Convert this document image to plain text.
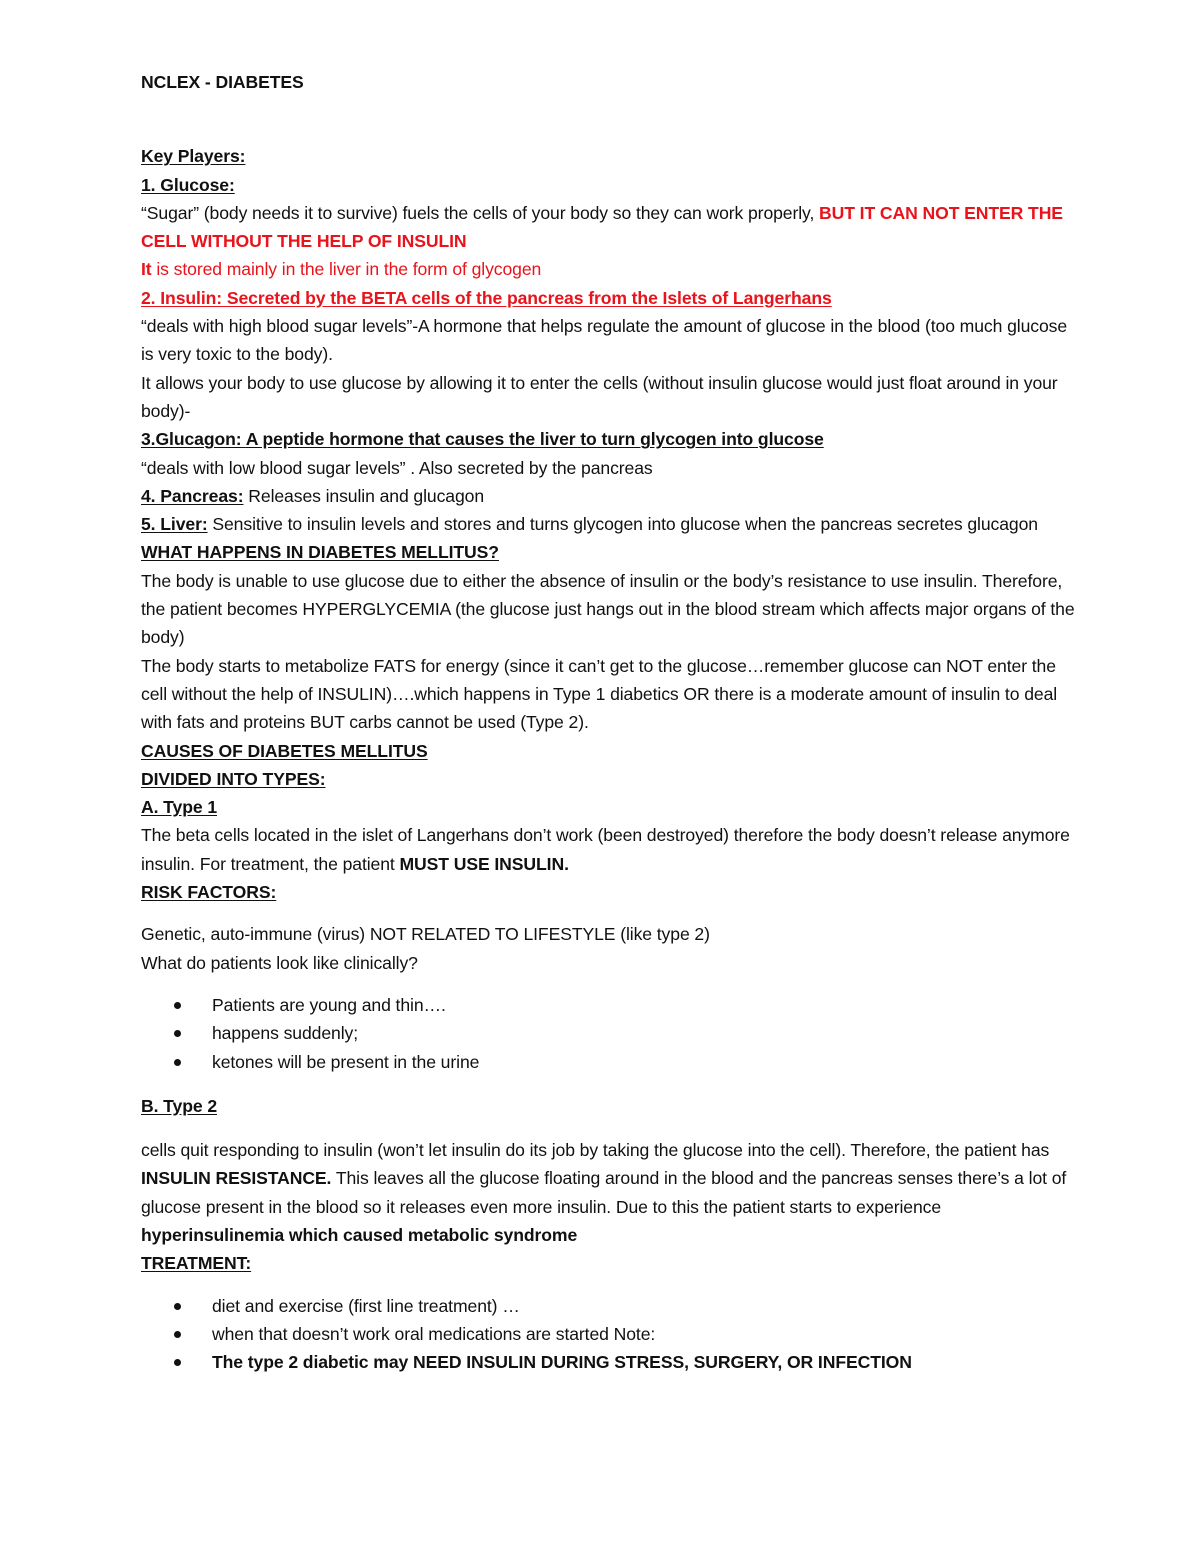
NCLEX - DIABETES

Key Players:

1. Glucose:

“Sugar” (body needs it to survive) fuels the cells of your body so they can work properly, BUT IT CAN NOT ENTER THE CELL WITHOUT THE HELP OF INSULIN

It is stored mainly in the liver in the form of glycogen

2. Insulin: Secreted by the BETA cells of the pancreas from the Islets of Langerhans

“deals with high blood sugar levels”-A hormone that helps regulate the amount of glucose in the blood (too much glucose is very toxic to the body).

It allows your body to use glucose by allowing it to enter the cells (without insulin glucose would just float around in your body)-

3.Glucagon: A peptide hormone that causes the liver to turn glycogen into glucose

“deals with low blood sugar levels” . Also secreted by the pancreas

4. Pancreas: Releases insulin and glucagon

5. Liver: Sensitive to insulin levels and stores and turns glycogen into glucose when the pancreas secretes glucagon

WHAT HAPPENS IN DIABETES MELLITUS?

The body is unable to use glucose due to either the absence of insulin or the body’s resistance to use insulin. Therefore, the patient becomes HYPERGLYCEMIA (the glucose just hangs out in the blood stream which affects major organs of the body)

The body starts to metabolize FATS for energy (since it can’t get to the glucose…remember glucose can NOT enter the cell without the help of INSULIN)….which happens in Type 1 diabetics OR there is a moderate amount of insulin to deal with fats and proteins BUT carbs cannot be used (Type 2).

CAUSES OF DIABETES MELLITUS

DIVIDED INTO TYPES:

A. Type 1

The beta cells located in the islet of Langerhans don’t work (been destroyed) therefore the body doesn’t release anymore insulin. For treatment, the patient MUST USE INSULIN.

RISK FACTORS:

Genetic, auto-immune (virus) NOT RELATED TO LIFESTYLE (like type 2)

What do patients look like clinically?

Patients are young and thin….
happens suddenly;
ketones will be present in the urine

B. Type 2

cells quit responding to insulin (won’t let insulin do its job by taking the glucose into the cell). Therefore, the patient has INSULIN RESISTANCE. This leaves all the glucose floating around in the blood and the pancreas senses there’s a lot of glucose present in the blood so it releases even more insulin. Due to this the patient starts to experience hyperinsulinemia which caused metabolic syndrome

TREATMENT:

diet and exercise (first line treatment) …
when that doesn’t work oral medications are started Note:
The type 2 diabetic may NEED INSULIN DURING STRESS, SURGERY, OR INFECTION
